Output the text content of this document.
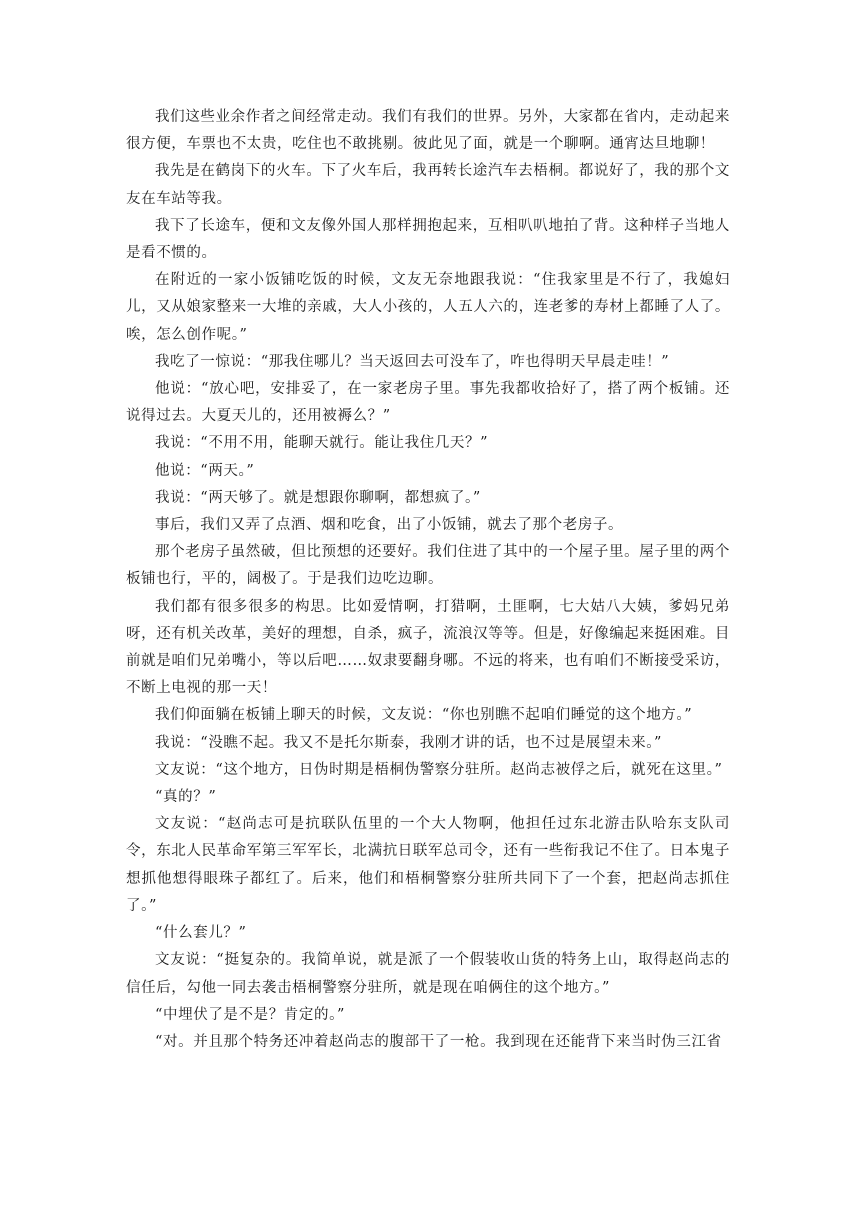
我们这些业余作者之间经常走动。我们有我们的世界。另外，大家都在省内，走动起来很方便，车票也不太贵，吃住也不敢挑剔。彼此见了面，就是一个聊啊。通宵达旦地聊！

我先是在鹤岗下的火车。下了火车后，我再转长途汽车去梧桐。都说好了，我的那个文友在车站等我。

我下了长途车，便和文友像外国人那样拥抱起来，互相叭叭地拍了背。这种样子当地人是看不惯的。

在附近的一家小饭铺吃饭的时候，文友无奈地跟我说：“住我家里是不行了，我媳妇儿，又从娘家整来一大堆的亲戚，大人小孩的，人五人六的，连老爹的寿材上都睡了人了。唉，怎么创作呢。”

我吃了一惊说：“那我住哪儿？当天返回去可没车了，咋也得明天早晨走哇！”

他说：“放心吧，安排妥了，在一家老房子里。事先我都收拾好了，搭了两个板铺。还说得过去。大夏天儿的，还用被褥么？”

我说：“不用不用，能聊天就行。能让我住几天？”

他说：“两天。”

我说：“两天够了。就是想跟你聊啊，都想疯了。”

事后，我们又弄了点酒、烟和吃食，出了小饭铺，就去了那个老房子。

那个老房子虽然破，但比预想的还要好。我们住进了其中的一个屋子里。屋子里的两个板铺也行，平的，阔极了。于是我们边吃边聊。

我们都有很多很多的构思。比如爱情啊，打猎啊，土匪啊，七大姑八大姨，爹妈兄弟呀，还有机关改革，美好的理想，自杀，疯子，流浪汉等等。但是，好像编起来挺困难。目前就是咱们兄弟嘴小，等以后吧……奴隶要翻身哪。不远的将来，也有咱们不断接受采访，不断上电视的那一天！

我们仰面躺在板铺上聊天的时候，文友说：“你也别瞧不起咱们睡觉的这个地方。”

我说：“没瞧不起。我又不是托尔斯泰，我刚才讲的话，也不过是展望未来。”

文友说：“这个地方，日伪时期是梧桐伪警察分驻所。赵尚志被俘之后，就死在这里。”

“真的？”

文友说：“赵尚志可是抗联队伍里的一个大人物啊，他担任过东北游击队哈东支队司令，东北人民革命军第三军军长，北满抗日联军总司令，还有一些衔我记不住了。日本鬼子想抓他想得眼珠子都红了。后来，他们和梧桐警察分驻所共同下了一个套，把赵尚志抓住了。”

“什么套儿？”

文友说：“挺复杂的。我简单说，就是派了一个假装收山货的特务上山，取得赵尚志的信任后，勾他一同去袭击梧桐警察分驻所，就是现在咱俩住的这个地方。”

“中埋伏了是不是？肯定的。”

“对。并且那个特务还冲着赵尚志的腹部干了一枪。我到现在还能背下来当时伪三江省
